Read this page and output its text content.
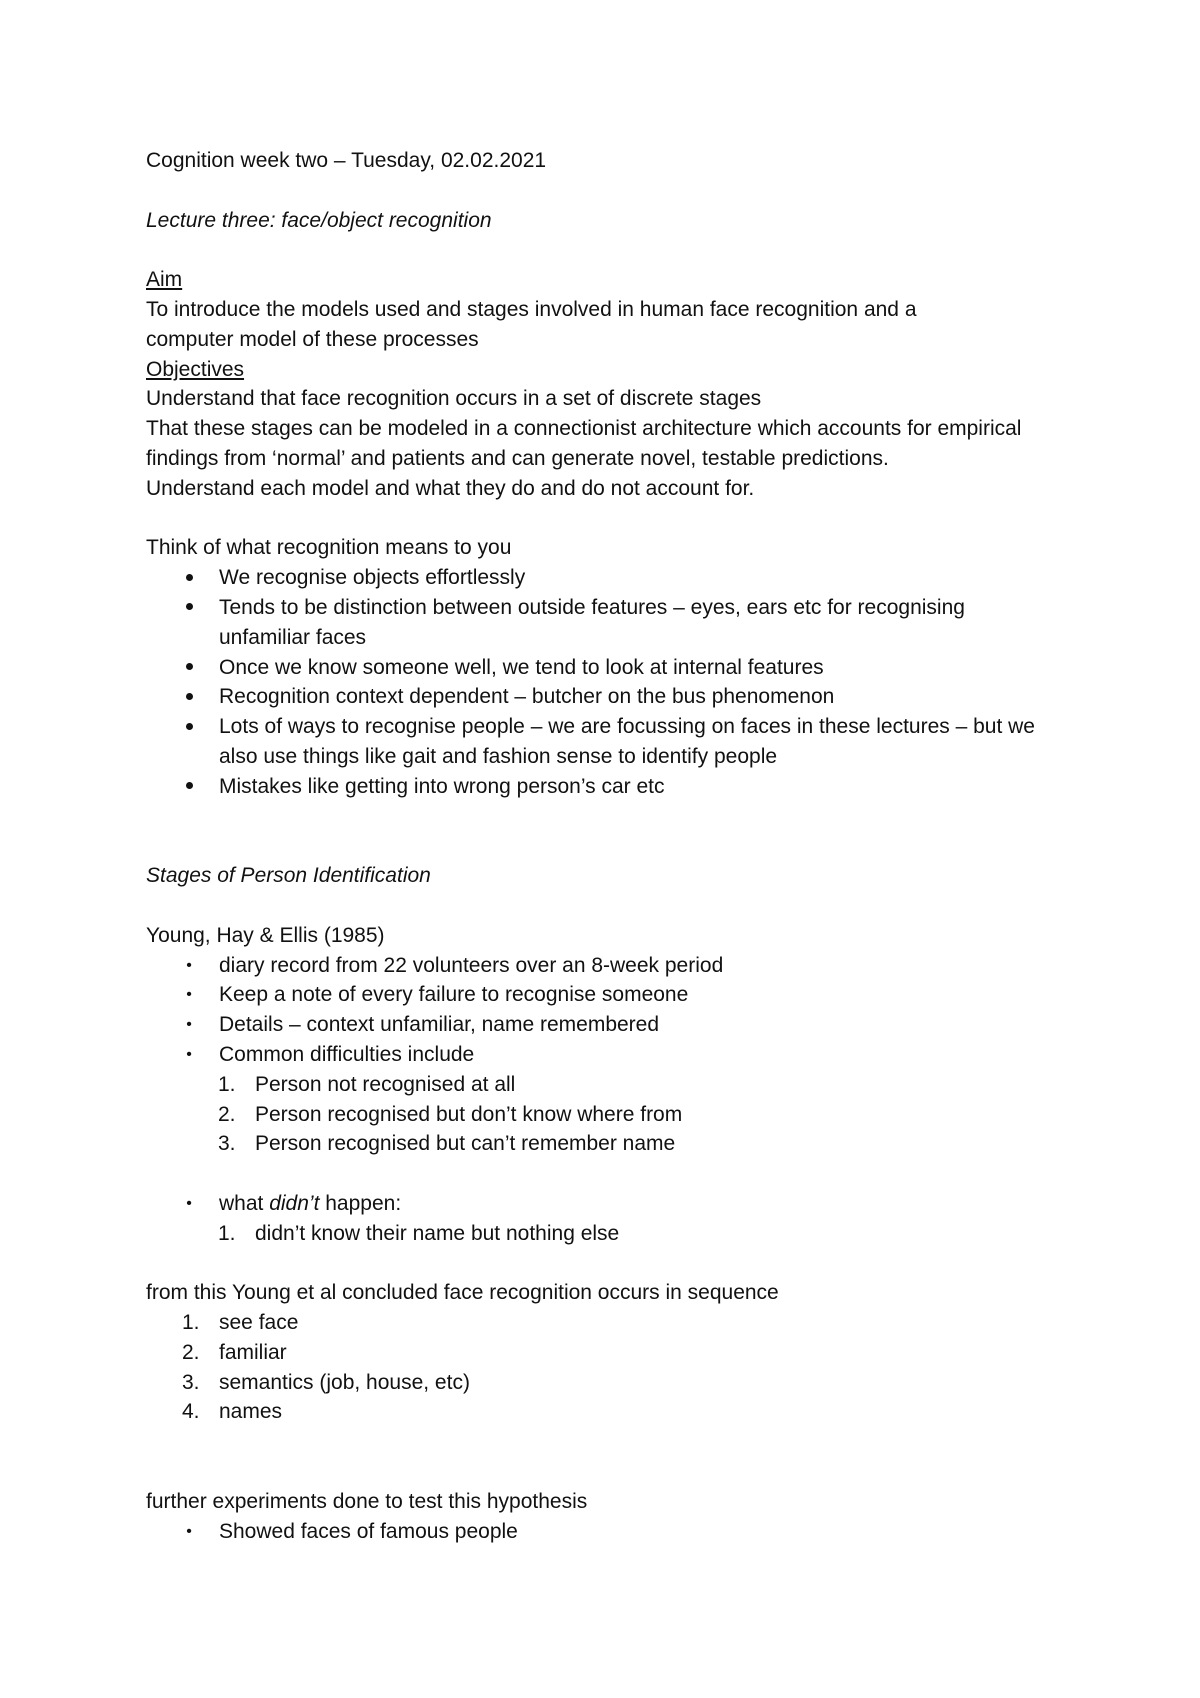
Cognition week two – Tuesday, 02.02.2021

Lecture three: face/object recognition

Aim

To introduce the models used and stages involved in human face recognition and a computer model of these processes

Objectives

Understand that face recognition occurs in a set of discrete stages

That these stages can be modeled in a connectionist architecture which accounts for empirical findings from ‘normal’ and patients and can generate novel, testable predictions.

Understand each model and what they do and do not account for.

Think of what recognition means to you

We recognise objects effortlessly
Tends to be distinction between outside features – eyes, ears etc for recognising unfamiliar faces
Once we know someone well, we tend to look at internal features
Recognition context dependent – butcher on the bus phenomenon
Lots of ways to recognise people – we are focussing on faces in these lectures – but we also use things like gait and fashion sense to identify people
Mistakes like getting into wrong person’s car etc

Stages of Person Identification

Young, Hay & Ellis (1985)

• diary record from 22 volunteers over an 8-week period
• Keep a note of every failure to recognise someone
• Details – context unfamiliar, name remembered
• Common difficulties include
1. Person not recognised at all
2. Person recognised but don’t know where from
3. Person recognised but can’t remember name
• what didn’t happen:
1. didn’t know their name but nothing else

from this Young et al concluded face recognition occurs in sequence

1. see face
2. familiar
3. semantics (job, house, etc)
4. names

further experiments done to test this hypothesis

• Showed faces of famous people
